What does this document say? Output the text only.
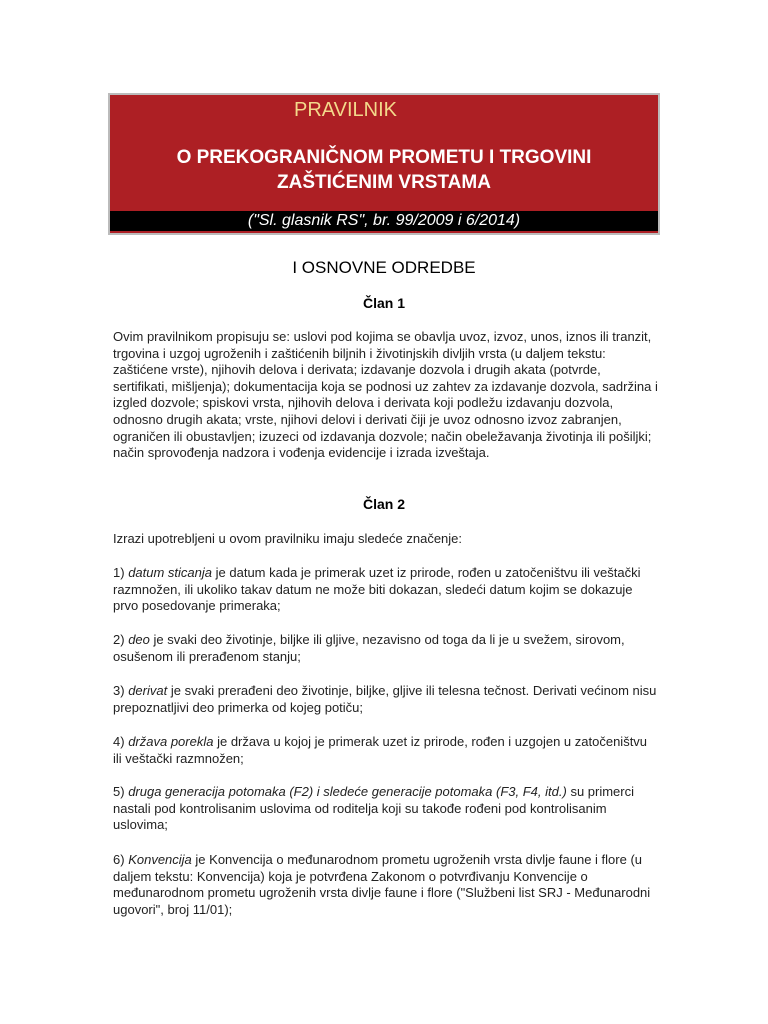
PRAVILNIK
O PREKOGRANIČNOM PROMETU I TRGOVINI
ZAŠTIĆENIM VRSTAMA
("Sl. glasnik RS", br. 99/2009 i 6/2014)
I OSNOVNE ODREDBE
Član 1
Ovim pravilnikom propisuju se: uslovi pod kojima se obavlja uvoz, izvoz, unos, iznos ili tranzit, trgovina i uzgoj ugroženih i zaštićenih biljnih i životinjskih divljih vrsta (u daljem tekstu: zaštićene vrste), njihovih delova i derivata; izdavanje dozvola i drugih akata (potvrde, sertifikati, mišljenja); dokumentacija koja se podnosi uz zahtev za izdavanje dozvola, sadržina i izgled dozvole; spiskovi vrsta, njihovih delova i derivata koji podležu izdavanju dozvola, odnosno drugih akata; vrste, njihovi delovi i derivati čiji je uvoz odnosno izvoz zabranjen, ograničen ili obustavljen; izuzeci od izdavanja dozvole; način obeležavanja životinja ili pošiljki; način sprovođenja nadzora i vođenja evidencije i izrada izveštaja.
Član 2
Izrazi upotrebljeni u ovom pravilniku imaju sledeće značenje:
1) datum sticanja je datum kada je primerak uzet iz prirode, rođen u zatočeništvu ili veštački razmnožen, ili ukoliko takav datum ne može biti dokazan, sledeći datum kojim se dokazuje prvo posedovanje primeraka;
2) deo je svaki deo životinje, biljke ili gljive, nezavisno od toga da li je u svežem, sirovom, osušenom ili prerađenom stanju;
3) derivat je svaki prerađeni deo životinje, biljke, gljive ili telesna tečnost. Derivati većinom nisu prepoznatljivi deo primerka od kojeg potiču;
4) država porekla je država u kojoj je primerak uzet iz prirode, rođen i uzgojen u zatočeništvu ili veštački razmnožen;
5) druga generacija potomaka (F2) i sledeće generacije potomaka (F3, F4, itd.) su primerci nastali pod kontrolisanim uslovima od roditelja koji su takođe rođeni pod kontrolisanim uslovima;
6) Konvencija je Konvencija o međunarodnom prometu ugroženih vrsta divlje faune i flore (u daljem tekstu: Konvencija) koja je potvrđena Zakonom o potvrđivanju Konvencije o međunarodnom prometu ugroženih vrsta divlje faune i flore ("Službeni list SRJ - Međunarodni ugovori", broj 11/01);
